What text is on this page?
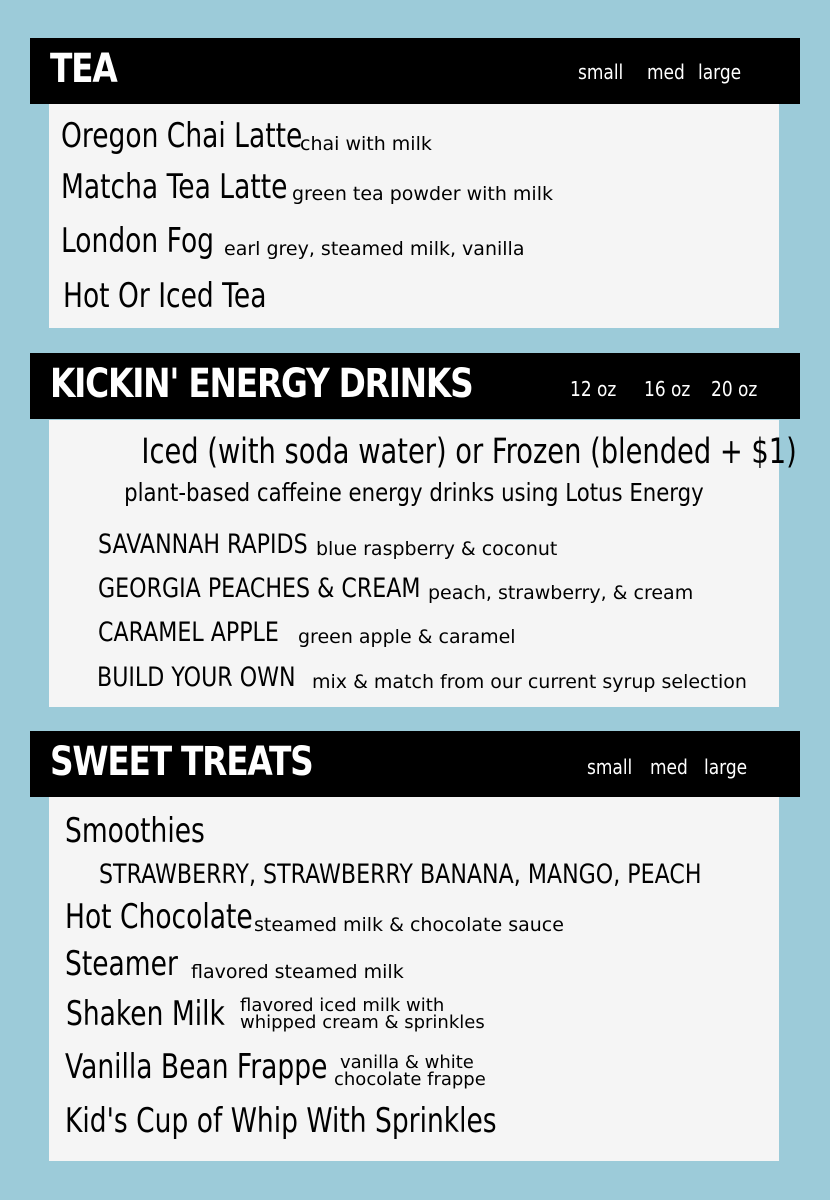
TEA	small med large
Oregon Chai Latte
chai with milk
Matcha Tea Latte green tea powder with milk
London Fog earl grey, steamed milk, vanilla
Hot Or Iced Tea
KICKIN' ENERGY DRINKS	12 oz 16 oz 20 oz
Iced (with soda water) or Frozen (blended + $1)
plant-based caffeine energy drinks using Lotus Energy
SAVANNAH RAPIDS blue raspberry & coconut
GEORGIA PEACHES & CREAM peach, strawberry, & cream
CARAMEL APPLE	green apple & caramel
BUILD YOUR OWN mix & match from our current syrup selection
SWEET TREATS	small med large
Smoothies
STRAWBERRY, STRAWBERRY BANANA, MANGO, PEACH
Hot Chocolate steamed milk & chocolate sauce
Steamer flavored steamed milk
Shaken Milk flavored iced milk with
whipped cream & sprinkles
Vanilla Bean Frappe vanilla & white
chocolate frappe
Kid's Cup of Whip With Sprinkles
